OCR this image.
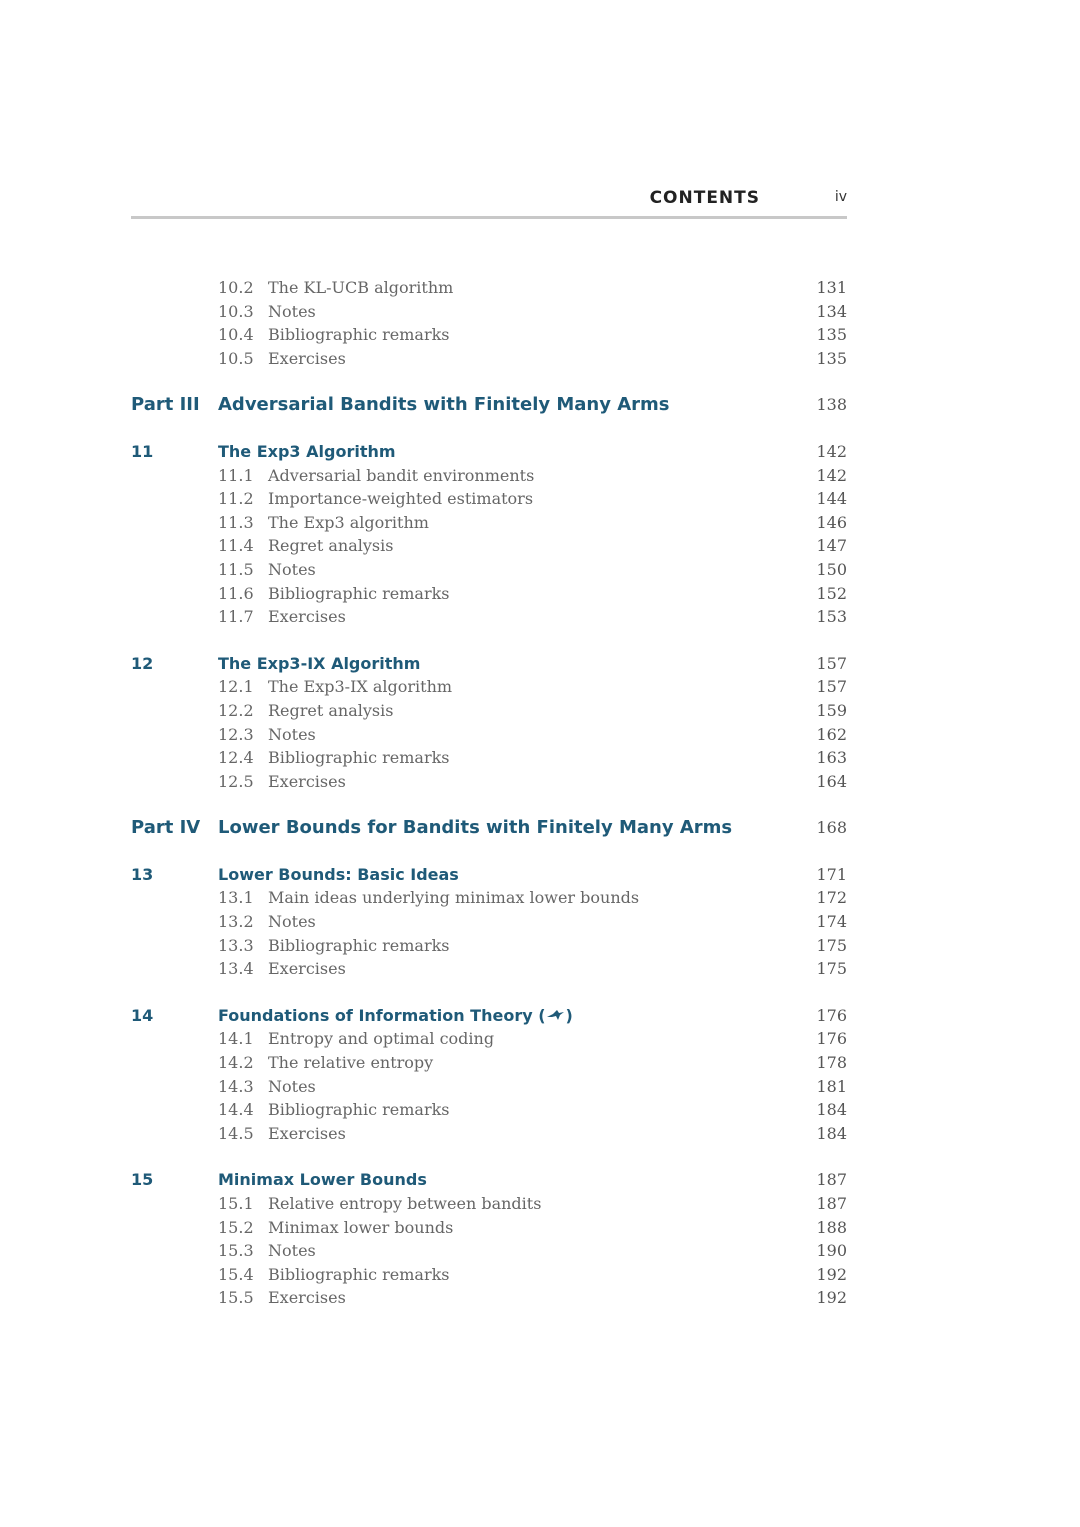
CONTENTS	iv
10.2 The KL-UCB algorithm	131
10.3 Notes	134
10.4 Bibliographic remarks	135
10.5 Exercises	135
Part III Adversarial Bandits with Finitely Many Arms	138
11	The Exp3 Algorithm	142
11.1 Adversarial bandit environments	142
11.2 Importance-weighted estimators	144
11.3 The Exp3 algorithm	146
11.4 Regret analysis	147
11.5 Notes	150
11.6 Bibliographic remarks	152
11.7 Exercises	153
12	The Exp3-IX Algorithm	157
12.1 The Exp3-IX algorithm	157
12.2 Regret analysis	159
12.3 Notes	162
12.4 Bibliographic remarks	163
12.5 Exercises	164
Part IV Lower Bounds for Bandits with Finitely Many Arms	168
13	Lower Bounds: Basic Ideas	171
13.1 Main ideas underlying minimax lower bounds	172
13.2 Notes	174
13.3 Bibliographic remarks	175
13.4 Exercises	175
14	Foundations of Information Theory ( )	176
14.1 Entropy and optimal coding	176
14.2 The relative entropy	178
14.3 Notes	181
14.4 Bibliographic remarks	184
14.5 Exercises	184
15	Minimax Lower Bounds	187
15.1 Relative entropy between bandits	187
15.2 Minimax lower bounds	188
15.3 Notes	190
15.4 Bibliographic remarks	192
15.5 Exercises	192
